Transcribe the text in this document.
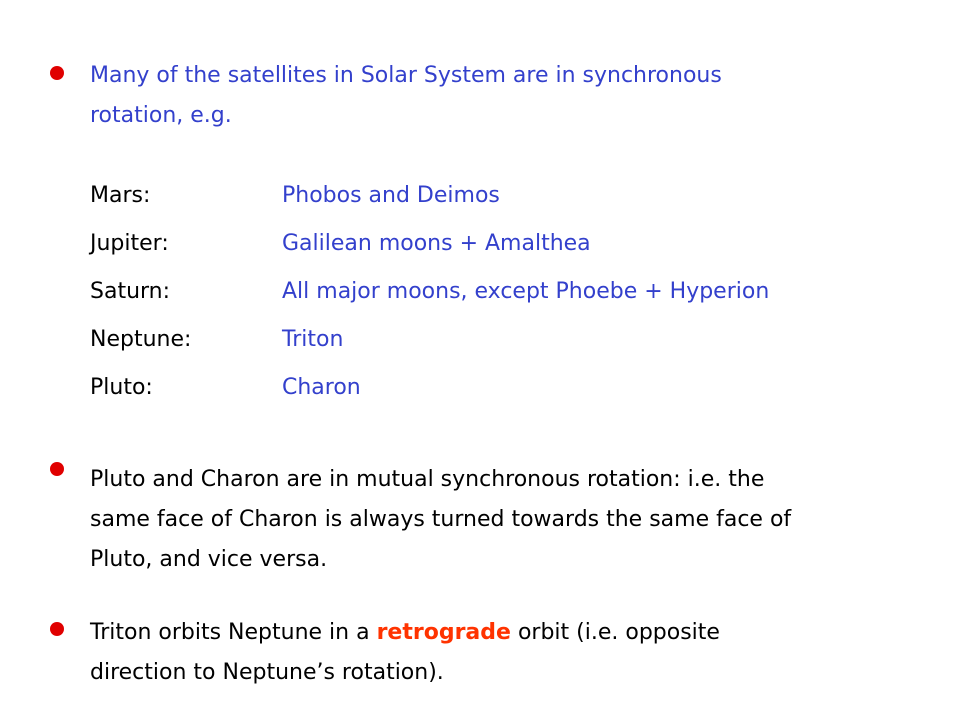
Many of the satellites in Solar System are in synchronous
rotation, e.g.
Mars:	Phobos and Deimos
Jupiter:	Galilean moons + Amalthea
Saturn:	All major moons, except Phoebe + Hyperion
Neptune:	Triton
Pluto:	Charon
Pluto and Charon are in mutual synchronous rotation: i.e. the
same face of Charon is always turned towards the same face of
Pluto, and vice versa.
Triton orbits Neptune in a retrograde orbit (i.e. opposite
direction to Neptune’s rotation).
